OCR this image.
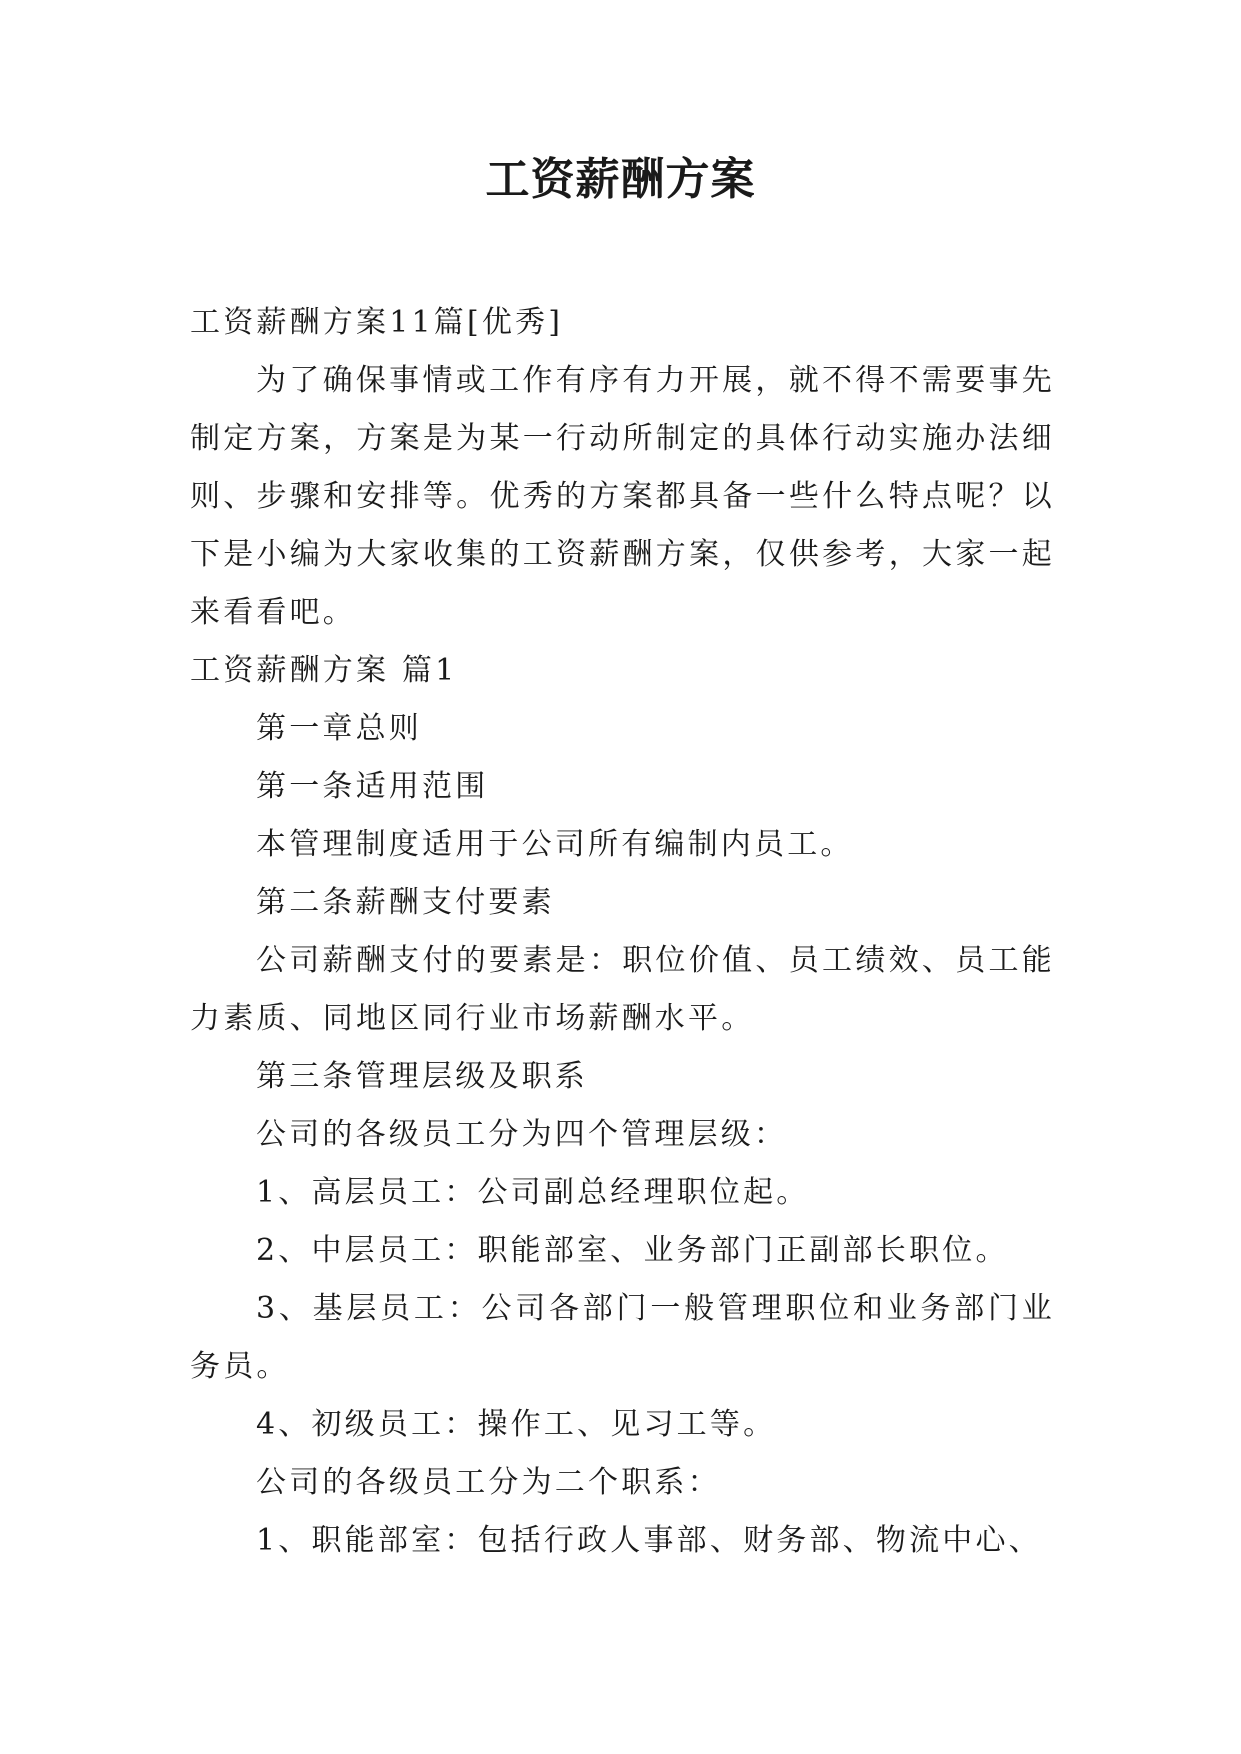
工资薪酬方案

工资薪酬方案11篇[优秀]

为了确保事情或工作有序有力开展，就不得不需要事先制定方案，方案是为某一行动所制定的具体行动实施办法细则、步骤和安排等。优秀的方案都具备一些什么特点呢？以下是小编为大家收集的工资薪酬方案，仅供参考，大家一起来看看吧。

工资薪酬方案 篇1

第一章总则

第一条适用范围

本管理制度适用于公司所有编制内员工。

第二条薪酬支付要素

公司薪酬支付的要素是：职位价值、员工绩效、员工能力素质、同地区同行业市场薪酬水平。

第三条管理层级及职系

公司的各级员工分为四个管理层级：

1、高层员工：公司副总经理职位起。

2、中层员工：职能部室、业务部门正副部长职位。

3、基层员工：公司各部门一般管理职位和业务部门业务员。

4、初级员工：操作工、见习工等。

公司的各级员工分为二个职系：

1、职能部室：包括行政人事部、财务部、物流中心、
